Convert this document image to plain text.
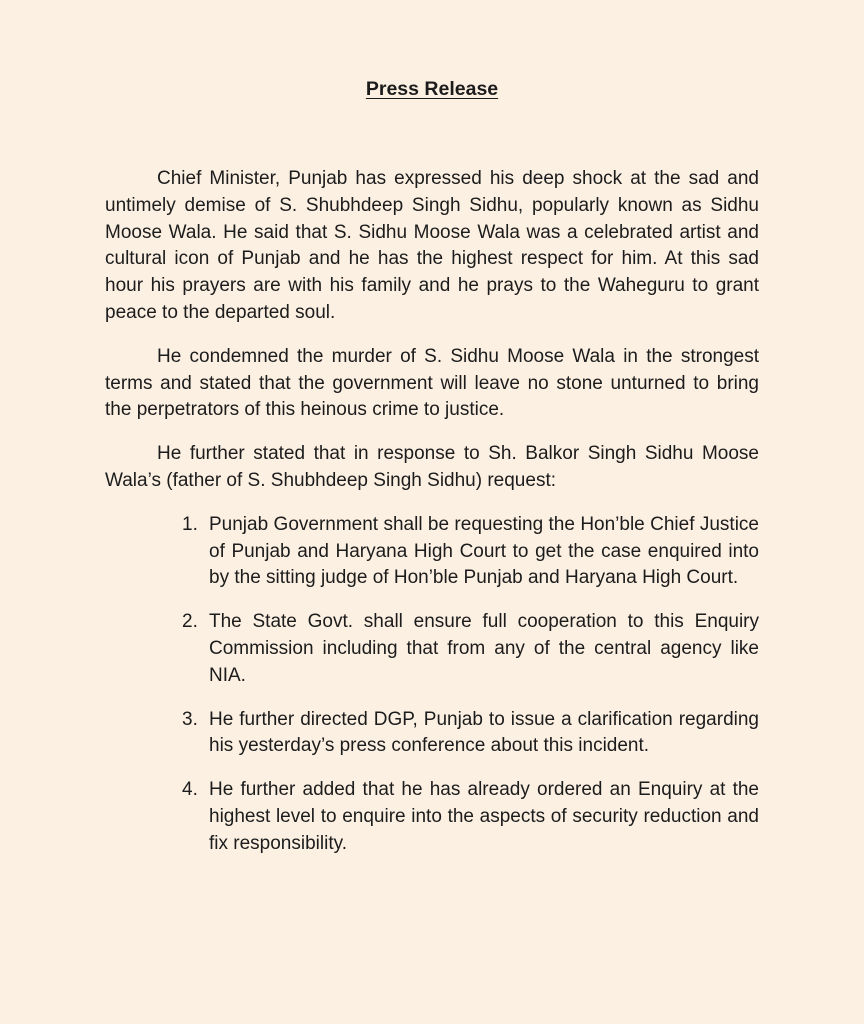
Press Release

Chief Minister, Punjab has expressed his deep shock at the sad and untimely demise of S. Shubhdeep Singh Sidhu, popularly known as Sidhu Moose Wala. He said that S. Sidhu Moose Wala was a celebrated artist and cultural icon of Punjab and he has the highest respect for him. At this sad hour his prayers are with his family and he prays to the Waheguru to grant peace to the departed soul.

He condemned the murder of S. Sidhu Moose Wala in the strongest terms and stated that the government will leave no stone unturned to bring the perpetrators of this heinous crime to justice.

He further stated that in response to Sh. Balkor Singh Sidhu Moose Wala’s (father of S. Shubhdeep Singh Sidhu) request:

1. Punjab Government shall be requesting the Hon’ble Chief Justice of Punjab and Haryana High Court to get the case enquired into by the sitting judge of Hon’ble Punjab and Haryana High Court.
2. The State Govt. shall ensure full cooperation to this Enquiry Commission including that from any of the central agency like NIA.
3. He further directed DGP, Punjab to issue a clarification regarding his yesterday’s press conference about this incident.
4. He further added that he has already ordered an Enquiry at the highest level to enquire into the aspects of security reduction and fix responsibility.
